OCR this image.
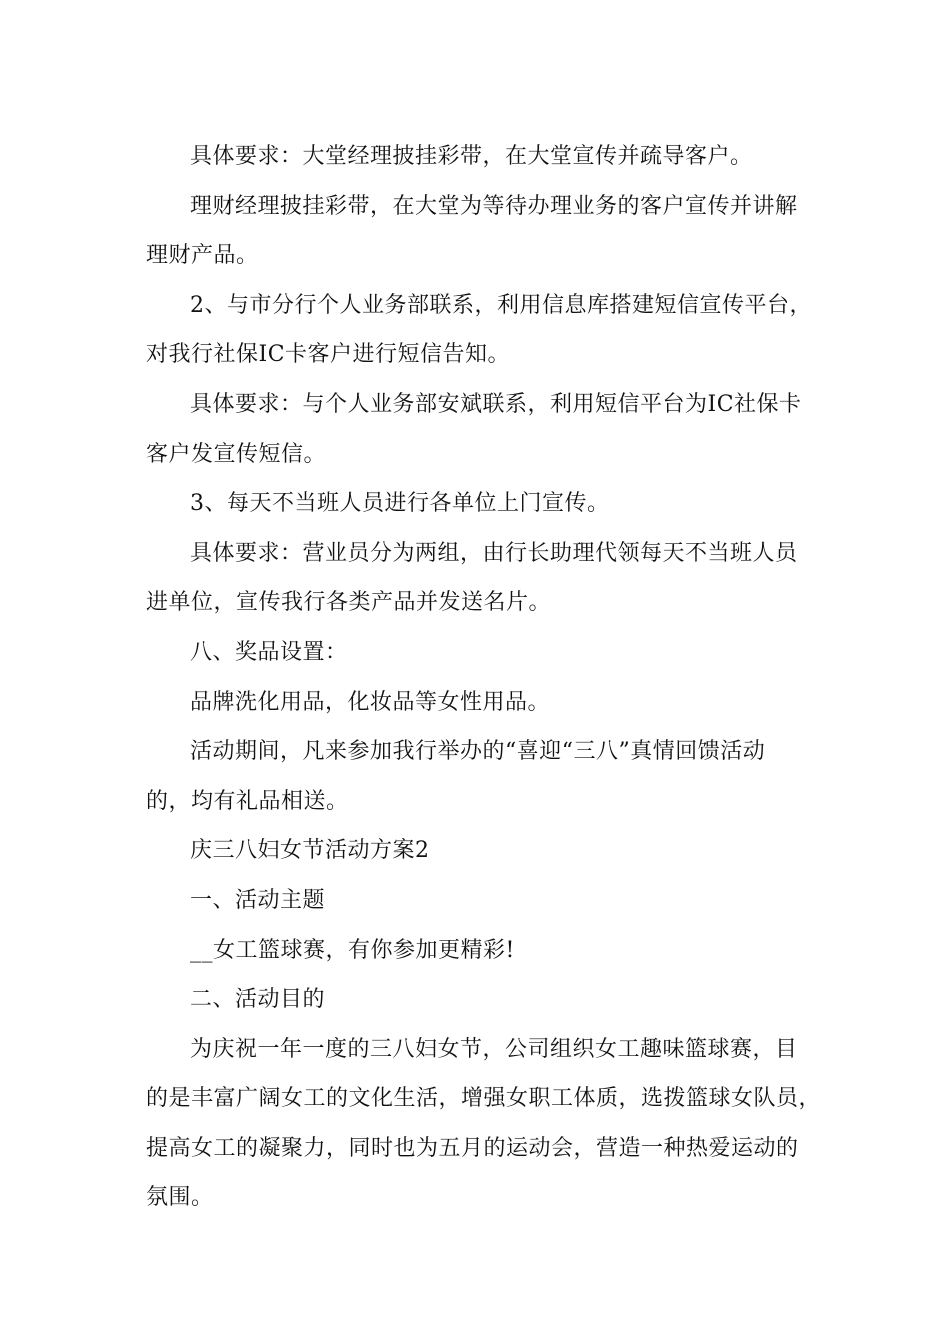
具体要求：大堂经理披挂彩带，在大堂宣传并疏导客户。

理财经理披挂彩带，在大堂为等待办理业务的客户宣传并讲解
理财产品。

2、与市分行个人业务部联系，利用信息库搭建短信宣传平台，
对我行社保IC卡客户进行短信告知。

具体要求：与个人业务部安斌联系，利用短信平台为IC社保卡
客户发宣传短信。

3、每天不当班人员进行各单位上门宣传。

具体要求：营业员分为两组，由行长助理代领每天不当班人员
进单位，宣传我行各类产品并发送名片。

八、奖品设置：

品牌洗化用品，化妆品等女性用品。

活动期间，凡来参加我行举办的“喜迎“三八”真情回馈活动
的，均有礼品相送。

庆三八妇女节活动方案2

一、活动主题

__女工篮球赛，有你参加更精彩!

二、活动目的

为庆祝一年一度的三八妇女节，公司组织女工趣味篮球赛，目
的是丰富广阔女工的文化生活，增强女职工体质，选拨篮球女队员，
提高女工的凝聚力，同时也为五月的运动会，营造一种热爱运动的
氛围。
